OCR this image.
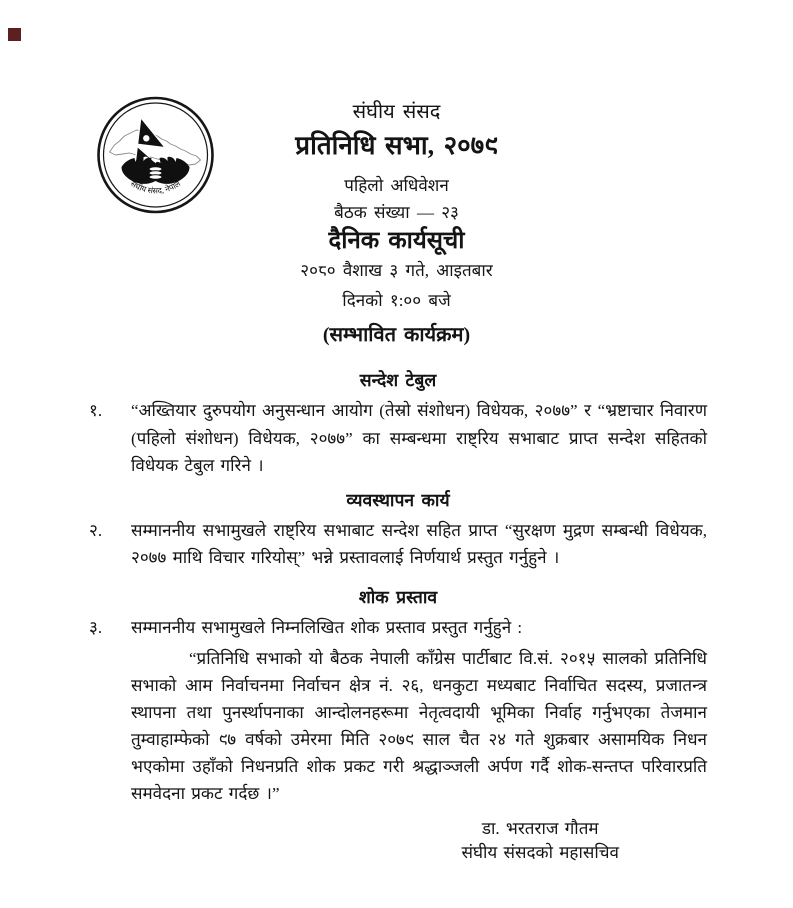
संघीय संसद, नेपाल
संघीय संसद
प्रतिनिधि सभा, २०७९
पहिलो अधिवेशन
बैठक संख्या — २३
दैनिक कार्यसूची
२०८० वैशाख ३ गते, आइतबार
दिनको १:०० बजे
(सम्भावित कार्यक्रम)
सन्देश टेबुल
१.	“अख्तियार दुरुपयोग अनुसन्धान आयोग (तेस्रो संशोधन) विधेयक, २०७७” र “भ्रष्टाचार निवारण (पहिलो संशोधन) विधेयक, २०७७” का सम्बन्धमा राष्ट्रिय सभाबाट प्राप्त सन्देश सहितको विधेयक टेबुल गरिने ।

व्यवस्थापन कार्य
२.	सम्माननीय सभामुखले राष्ट्रिय सभाबाट सन्देश सहित प्राप्त “सुरक्षण मुद्रण सम्बन्धी विधेयक, २०७७ माथि विचार गरियोस्” भन्ने प्रस्तावलाई निर्णयार्थ प्रस्तुत गर्नुहुने ।

शोक प्रस्ताव
३.	सम्माननीय सभामुखले निम्नलिखित शोक प्रस्ताव प्रस्तुत गर्नुहुने :

“प्रतिनिधि सभाको यो बैठक नेपाली काँग्रेस पार्टीबाट वि.सं. २०१५ सालको प्रतिनिधि सभाको आम निर्वाचनमा निर्वाचन क्षेत्र नं. २६, धनकुटा मध्यबाट निर्वाचित सदस्य, प्रजातन्त्र स्थापना तथा पुनर्स्थापनाका आन्दोलनहरूमा नेतृत्वदायी भूमिका निर्वाह गर्नुभएका तेजमान तुम्वाहाम्फेको ९७ वर्षको उमेरमा मिति २०७९ साल चैत २४ गते शुक्रबार असामयिक निधन भएकोमा उहाँको निधनप्रति शोक प्रकट गरी श्रद्धाञ्जली अर्पण गर्दै शोक-सन्तप्त परिवारप्रति समवेदना प्रकट गर्दछ ।”

डा. भरतराज गौतम
संघीय संसदको महासचिव
